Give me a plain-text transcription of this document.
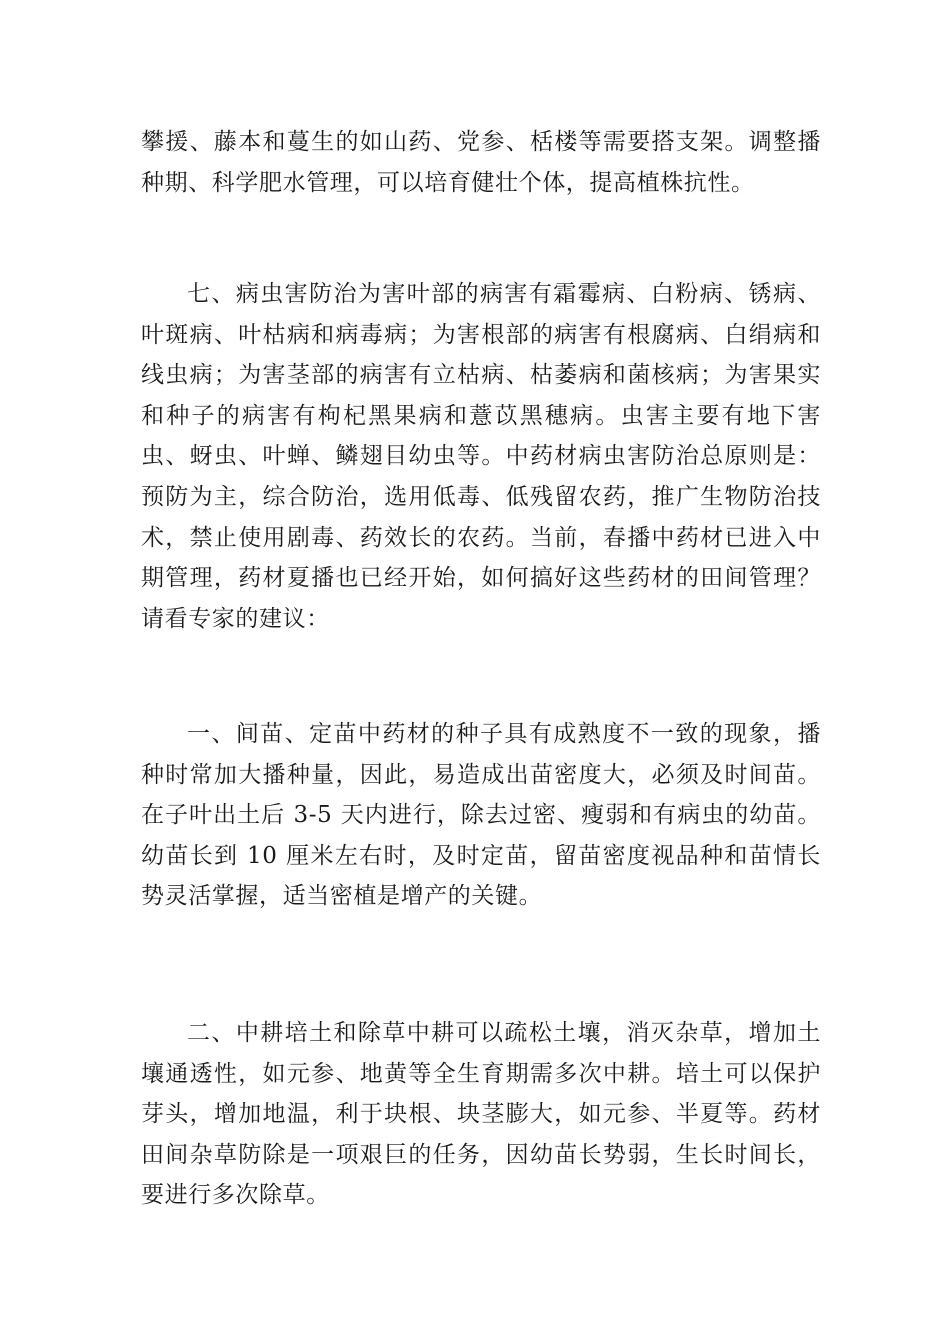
攀援、藤本和蔓生的如山药、党参、栝楼等需要搭支架。调整播种期、科学肥水管理，可以培育健壮个体，提高植株抗性。

七、病虫害防治为害叶部的病害有霜霉病、白粉病、锈病、叶斑病、叶枯病和病毒病；为害根部的病害有根腐病、白绢病和线虫病；为害茎部的病害有立枯病、枯萎病和菌核病；为害果实和种子的病害有枸杞黑果病和薏苡黑穗病。虫害主要有地下害虫、蚜虫、叶蝉、鳞翅目幼虫等。中药材病虫害防治总原则是：预防为主，综合防治，选用低毒、低残留农药，推广生物防治技术，禁止使用剧毒、药效长的农药。当前，春播中药材已进入中期管理，药材夏播也已经开始，如何搞好这些药材的田间管理？请看专家的建议：

一、间苗、定苗中药材的种子具有成熟度不一致的现象，播种时常加大播种量，因此，易造成出苗密度大，必须及时间苗。在子叶出土后 3-5 天内进行，除去过密、瘦弱和有病虫的幼苗。幼苗长到 10 厘米左右时，及时定苗，留苗密度视品种和苗情长势灵活掌握，适当密植是增产的关键。

二、中耕培土和除草中耕可以疏松土壤，消灭杂草，增加土壤通透性，如元参、地黄等全生育期需多次中耕。培土可以保护芽头，增加地温，利于块根、块茎膨大，如元参、半夏等。药材田间杂草防除是一项艰巨的任务，因幼苗长势弱，生长时间长，要进行多次除草。
